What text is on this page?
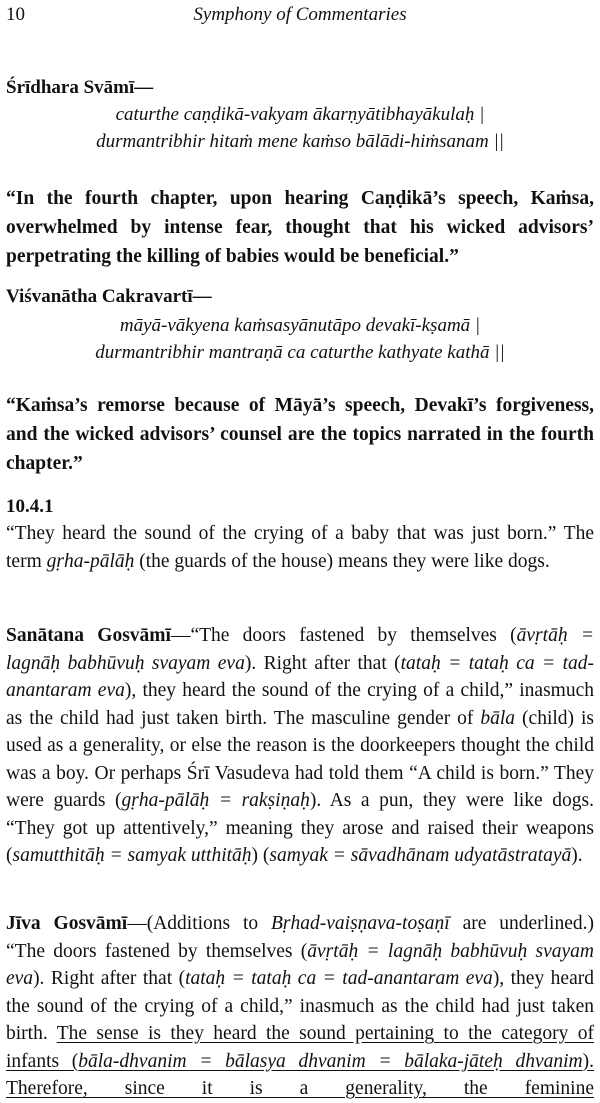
10	Symphony of Commentaries
Śrīdhara Svāmī—
caturthe caṇḍikā-vakyam ākarṇyātibhayākulaḥ |
durmantribhir hitaṁ mene kaṁso bālādi-hiṁsanam ||
“In the fourth chapter, upon hearing Caṇḍikā’s speech, Kaṁsa, overwhelmed by intense fear, thought that his wicked advisors’ perpetrating the killing of babies would be beneficial.”
Viśvanātha Cakravartī—
māyā-vākyena kaṁsasyānutāpo devakī-kṣamā |
durmantribhir mantraṇā ca caturthe kathyate kathā ||
“Kaṁsa’s remorse because of Māyā’s speech, Devakī’s forgiveness, and the wicked advisors’ counsel are the topics narrated in the fourth chapter.”
10.4.1
“They heard the sound of the crying of a baby that was just born.” The term gṛha-pālāḥ (the guards of the house) means they were like dogs.
Sanātana Gosvāmī—“The doors fastened by themselves (āvṛtāḥ = lagnāḥ babhūvuḥ svayam eva). Right after that (tataḥ = tataḥ ca = tad-anantaram eva), they heard the sound of the crying of a child,” inasmuch as the child had just taken birth. The masculine gender of bāla (child) is used as a generality, or else the reason is the doorkeepers thought the child was a boy. Or perhaps Śrī Vasudeva had told them “A child is born.” They were guards (gṛha-pālāḥ = rakṣiṇaḥ). As a pun, they were like dogs. “They got up attentively,” meaning they arose and raised their weapons (samutthitāḥ = samyak utthitāḥ) (samyak = sāvadhānam udyatāstratayā).
Jīva Gosvāmī—(Additions to Bṛhad-vaiṣṇava-toṣaṇī are underlined.) “The doors fastened by themselves (āvṛtāḥ = lagnāḥ babhūvuḥ svayam eva). Right after that (tataḥ = tataḥ ca = tad-anantaram eva), they heard the sound of the crying of a child,” inasmuch as the child had just taken birth. The sense is they heard the sound pertaining to the category of infants (bāla-dhvanim = bālasya dhvanim = bālaka-jāteḥ dhvanim). Therefore, since it is a generality, the feminine
